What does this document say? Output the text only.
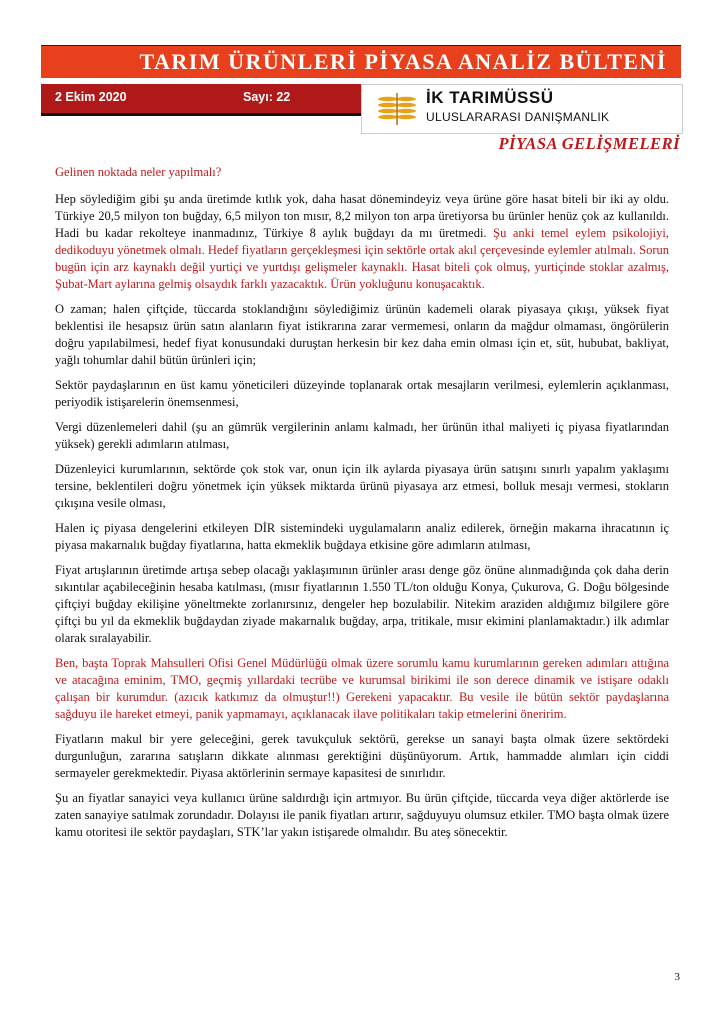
TARIM ÜRÜNLERİ PİYASA ANALİZ BÜLTENİ
2 Ekim 2020	Sayı: 22	İK TARIMÜSSÜ
ULUSLARARASI DANIŞMANLIK
PİYASA GELİŞMELERİ

Gelinen noktada neler yapılmalı?

Hep söylediğim gibi şu anda üretimde kıtlık yok, daha hasat dönemindeyiz veya ürüne göre hasat biteli bir iki ay oldu. Türkiye 20,5 milyon ton buğday, 6,5 milyon ton mısır, 8,2 milyon ton arpa üretiyorsa bu ürünler henüz çok az kullanıldı. Hadi bu kadar rekolteye inanmadınız, Türkiye 8 aylık buğdayı da mı üretmedi. Şu anki temel eylem psikolojiyi, dedikoduyu yönetmek olmalı. Hedef fiyatların gerçekleşmesi için sektörle ortak akıl çerçevesinde eylemler atılmalı. Sorun bugün için arz kaynaklı değil yurtiçi ve yurtdışı gelişmeler kaynaklı. Hasat biteli çok olmuş, yurtiçinde stoklar azalmış, Şubat-Mart aylarına gelmiş olsaydık farklı yazacaktık. Ürün yokluğunu konuşacaktık.

O zaman; halen çiftçide, tüccarda stoklandığını söylediğimiz ürünün kademeli olarak piyasaya çıkışı, yüksek fiyat beklentisi ile hesapsız ürün satın alanların fiyat istikrarına zarar vermemesi, onların da mağdur olmaması, öngörülerin doğru yapılabilmesi, hedef fiyat konusundaki duruştan herkesin bir kez daha emin olması için et, süt, hububat, bakliyat, yağlı tohumlar dahil bütün ürünleri için;

Sektör paydaşlarının en üst kamu yöneticileri düzeyinde toplanarak ortak mesajların verilmesi, eylemlerin açıklanması, periyodik istişarelerin önemsenmesi,

Vergi düzenlemeleri dahil (şu an gümrük vergilerinin anlamı kalmadı, her ürünün ithal maliyeti iç piyasa fiyatlarından yüksek) gerekli adımların atılması,

Düzenleyici kurumlarının, sektörde çok stok var, onun için ilk aylarda piyasaya ürün satışını sınırlı yapalım yaklaşımı tersine, beklentileri doğru yönetmek için yüksek miktarda ürünü piyasaya arz etmesi, bolluk mesajı vermesi, stokların çıkışına vesile olması,

Halen iç piyasa dengelerini etkileyen DİR sistemindeki uygulamaların analiz edilerek, örneğin makarna ihracatının iç piyasa makarnalık buğday fiyatlarına, hatta ekmeklik buğdaya etkisine göre adımların atılması,

Fiyat artışlarının üretimde artışa sebep olacağı yaklaşımının ürünler arası denge göz önüne alınmadığında çok daha derin sıkıntılar açabileceğinin hesaba katılması, (mısır fiyatlarının 1.550 TL/ton olduğu Konya, Çukurova, G. Doğu bölgesinde çiftçiyi buğday ekilişine yöneltmekte zorlanırsınız, dengeler hep bozulabilir. Nitekim araziden aldığımız bilgilere göre çiftçi bu yıl da ekmeklik buğdaydan ziyade makarnalık buğday, arpa, tritikale, mısır ekimini planlamaktadır.) ilk adımlar olarak sıralayabilir.

Ben, başta Toprak Mahsulleri Ofisi Genel Müdürlüğü olmak üzere sorumlu kamu kurumlarının gereken adımları attığına ve atacağına eminim, TMO, geçmiş yıllardaki tecrübe ve kurumsal birikimi ile son derece dinamik ve istişare odaklı çalışan bir kurumdur. (azıcık katkımız da olmuştur!!) Gerekeni yapacaktır. Bu vesile ile bütün sektör paydaşlarına sağduyu ile hareket etmeyi, panik yapmamayı, açıklanacak ilave politikaları takip etmelerini öneririm.

Fiyatların makul bir yere geleceğini, gerek tavukçuluk sektörü, gerekse un sanayi başta olmak üzere sektördeki durgunluğun, zararına satışların dikkate alınması gerektiğini düşünüyorum. Artık, hammadde alımları için ciddi sermayeler gerekmektedir. Piyasa aktörlerinin sermaye kapasitesi de sınırlıdır.

Şu an fiyatlar sanayici veya kullanıcı ürüne saldırdığı için artmıyor. Bu ürün çiftçide, tüccarda veya diğer aktörlerde ise zaten sanayiye satılmak zorundadır. Dolayısı ile panik fiyatları artırır, sağduyuyu olumsuz etkiler. TMO başta olmak üzere kamu otoritesi ile sektör paydaşları, STK’lar yakın istişarede olmalıdır. Bu ateş sönecektir.

3
